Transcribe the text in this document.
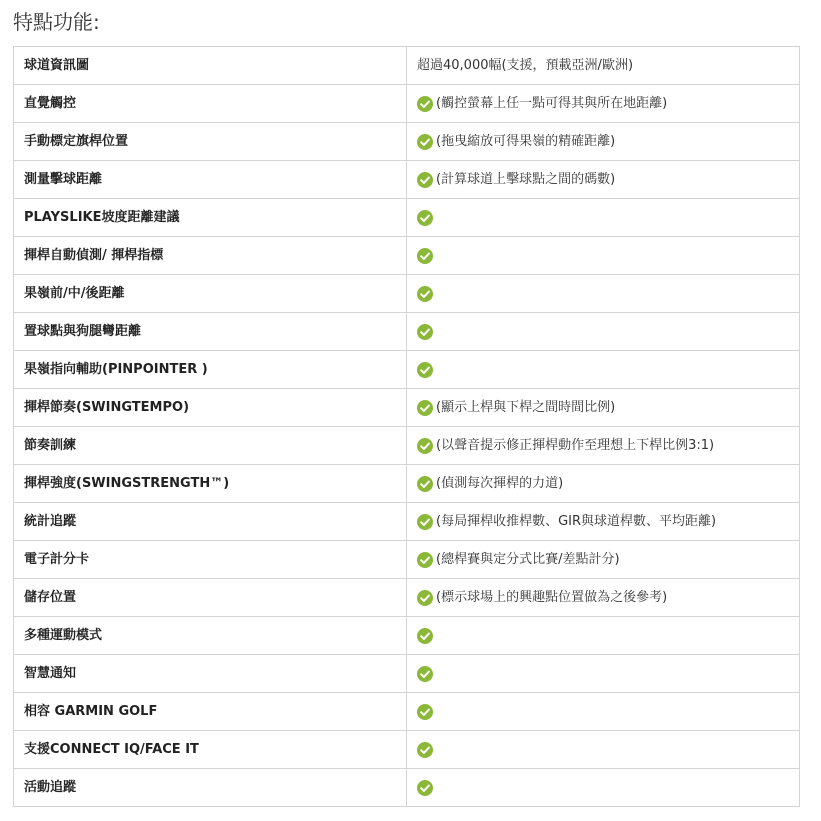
特點功能:
球道資訊圖	超過40,000幅(支援，預載亞洲/歐洲)

直覺觸控	(觸控螢幕上任一點可得其與所在地距離)

手動標定旗桿位置	(拖曳縮放可得果嶺的精確距離)

測量擊球距離	(計算球道上擊球點之間的碼數)

PLAYSLIKE坡度距離建議	

揮桿自動偵測/ 揮桿指標	

果嶺前/中/後距離	

置球點與狗腿彎距離	

果嶺指向輔助(PINPOINTER )	

揮桿節奏(SWINGTEMPO)	(顯示上桿與下桿之間時間比例)

節奏訓練	(以聲音提示修正揮桿動作至理想上下桿比例3:1)

揮桿強度(SWINGSTRENGTH™)	(偵測每次揮桿的力道)

統計追蹤	(每局揮桿收推桿數、GIR與球道桿數、平均距離)

電子計分卡	(總桿賽與定分式比賽/差點計分)

儲存位置	(標示球場上的興趣點位置做為之後參考)

多種運動模式	

智慧通知	

相容 GARMIN GOLF	

支援CONNECT IQ/FACE IT	

活動追蹤	
